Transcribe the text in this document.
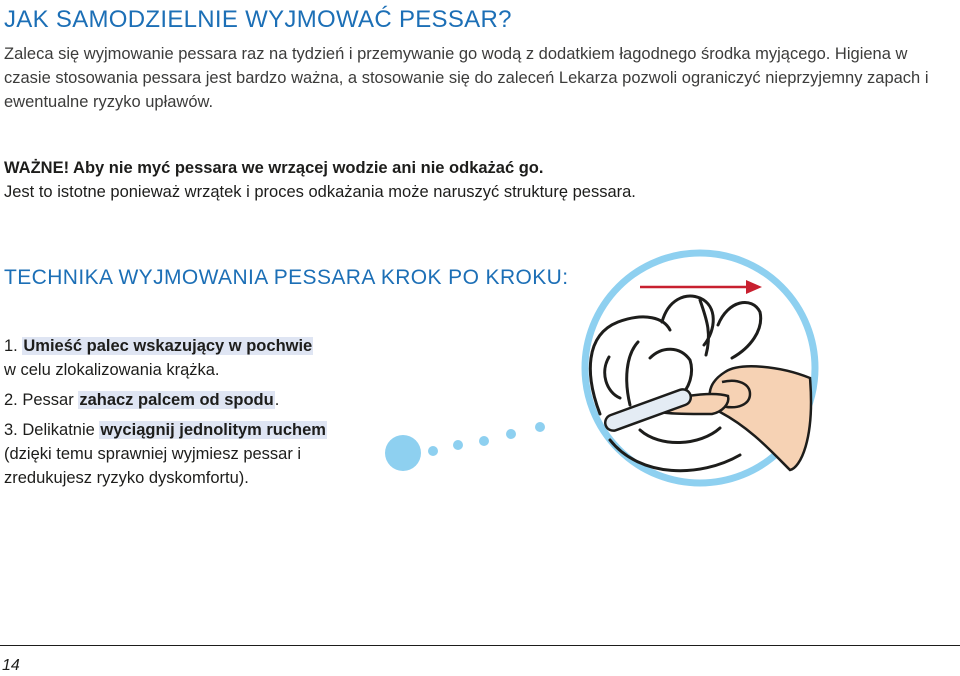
JAK SAMODZIELNIE WYJMOWAĆ PESSAR?

Zaleca się wyjmowanie pessara raz na tydzień i przemywanie go wodą z dodatkiem łagodnego środka myjącego. Higiena w czasie stosowania pessara jest bardzo ważna, a stosowanie się do zaleceń Lekarza pozwoli ograniczyć nieprzyjemny zapach i ewentualne ryzyko upławów.

WAŻNE! Aby nie myć pessara we wrzącej wodzie ani nie odkażać go.
Jest to istotne ponieważ wrzątek i proces odkażania może naruszyć strukturę pessara.

TECHNIKA WYJMOWANIA PESSARA KROK PO KROKU:
1. Umieść palec wskazujący w pochwie
w celu zlokalizowania krążka.
2. Pessar zahacz palcem od spodu.
3. Delikatnie wyciągnij jednolitym ruchem
(dzięki temu sprawniej wyjmiesz pessar i zredukujesz ryzyko dyskomfortu).

14
